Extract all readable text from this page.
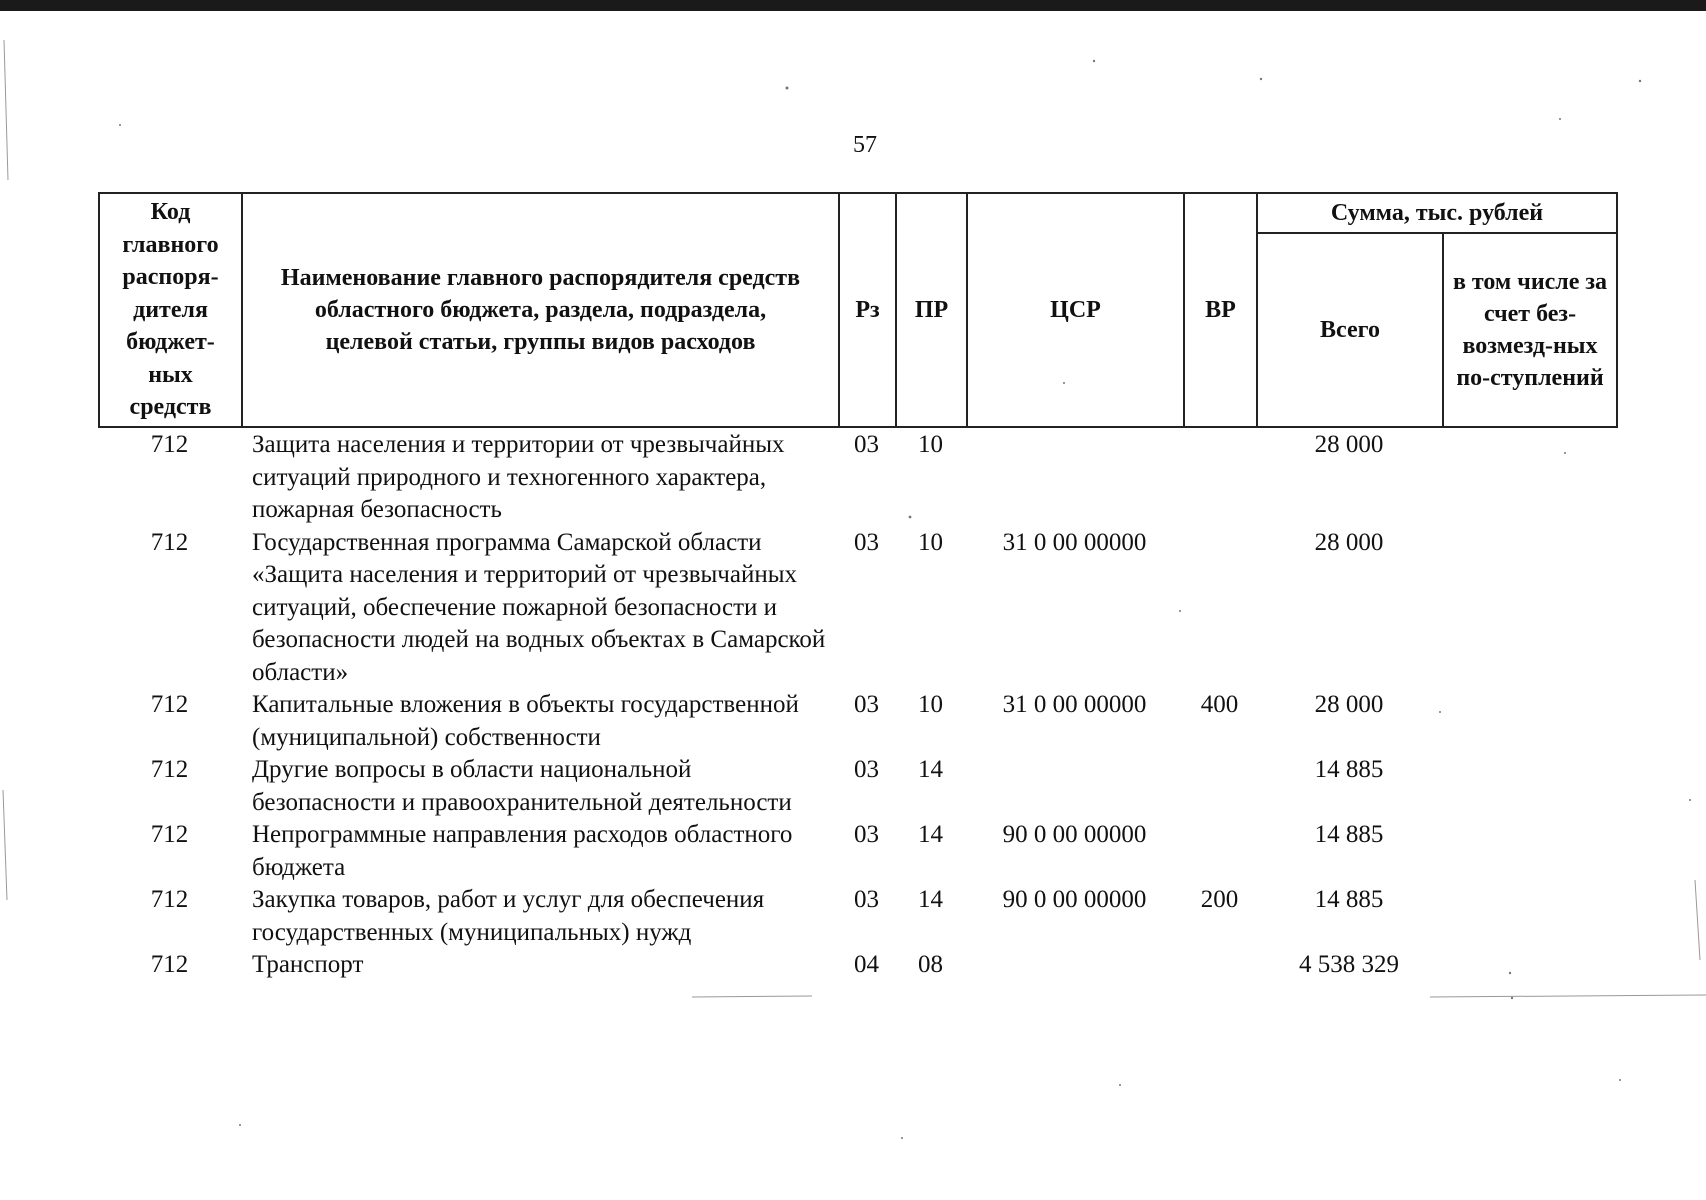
57
Код главного распоря-дителя бюджет-ных средств	Наименование главного распорядителя средств областного бюджета, раздела, подраздела, целевой статьи, группы видов расходов	Рз	ПР	ЦСР	ВР	Сумма, тыс. рублей	
						Всего	в том числе за счет без-возмезд-ных по-ступлений
712	Защита населения и территории от чрезвычайных ситуаций природного и техногенного характера, пожарная безопасность	03	10			28 000	
712	Государственная программа Самарской области «Защита населения и территорий от чрезвычайных ситуаций, обеспечение пожарной безопасности и безопасности людей на водных объектах в Самарской области»	03	10	31 0 00 00000		28 000	
712	Капитальные вложения в объекты государственной (муниципальной) собственности	03	10	31 0 00 00000	400	28 000	
712	Другие вопросы в области национальной безопасности и правоохранительной деятельности	03	14			14 885	
712	Непрограммные направления расходов областного бюджета	03	14	90 0 00 00000		14 885	
712	Закупка товаров, работ и услуг для обеспечения государственных (муниципальных) нужд	03	14	90 0 00 00000	200	14 885	
712	Транспорт	04	08			4 538 329	
